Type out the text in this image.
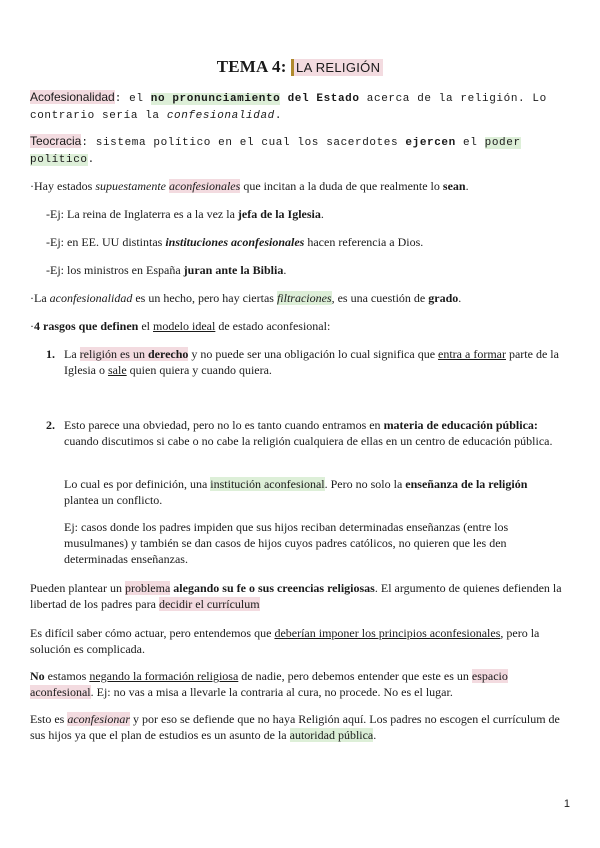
TEMA 4: LA RELIGIÓN
Acofesionalidad: el no pronunciamiento del Estado acerca de la religión. Lo contrario sería la confesionalidad.
Teocracia: sistema político en el cual los sacerdotes ejercen el poder político.
·Hay estados supuestamente aconfesionales que incitan a la duda de que realmente lo sean.
-Ej: La reina de Inglaterra es a la vez la jefa de la Iglesia.
-Ej: en EE. UU distintas instituciones aconfesionales hacen referencia a Dios.
-Ej: los ministros en España juran ante la Biblia.
·La aconfesionalidad es un hecho, pero hay ciertas filtraciones, es una cuestión de grado.
·4 rasgos que definen el modelo ideal de estado aconfesional:
1. La religión es un derecho y no puede ser una obligación lo cual significa que entra a formar parte de la Iglesia o sale quien quiera y cuando quiera.
2. Esto parece una obviedad, pero no lo es tanto cuando entramos en materia de educación pública: cuando discutimos si cabe o no cabe la religión cualquiera de ellas en un centro de educación pública.
Lo cual es por definición, una institución aconfesional. Pero no solo la enseñanza de la religión plantea un conflicto.
Ej: casos donde los padres impiden que sus hijos reciban determinadas enseñanzas (entre los musulmanes) y también se dan casos de hijos cuyos padres católicos, no quieren que les den determinadas enseñanzas.
Pueden plantear un problema alegando su fe o sus creencias religiosas. El argumento de quienes defienden la libertad de los padres para decidir el currículum
Es difícil saber cómo actuar, pero entendemos que deberían imponer los principios aconfesionales, pero la solución es complicada.
No estamos negando la formación religiosa de nadie, pero debemos entender que este es un espacio aconfesional. Ej: no vas a misa a llevarle la contraria al cura, no procede. No es el lugar.
Esto es aconfesionar y por eso se defiende que no haya Religión aquí. Los padres no escogen el currículum de sus hijos ya que el plan de estudios es un asunto de la autoridad pública.
1
